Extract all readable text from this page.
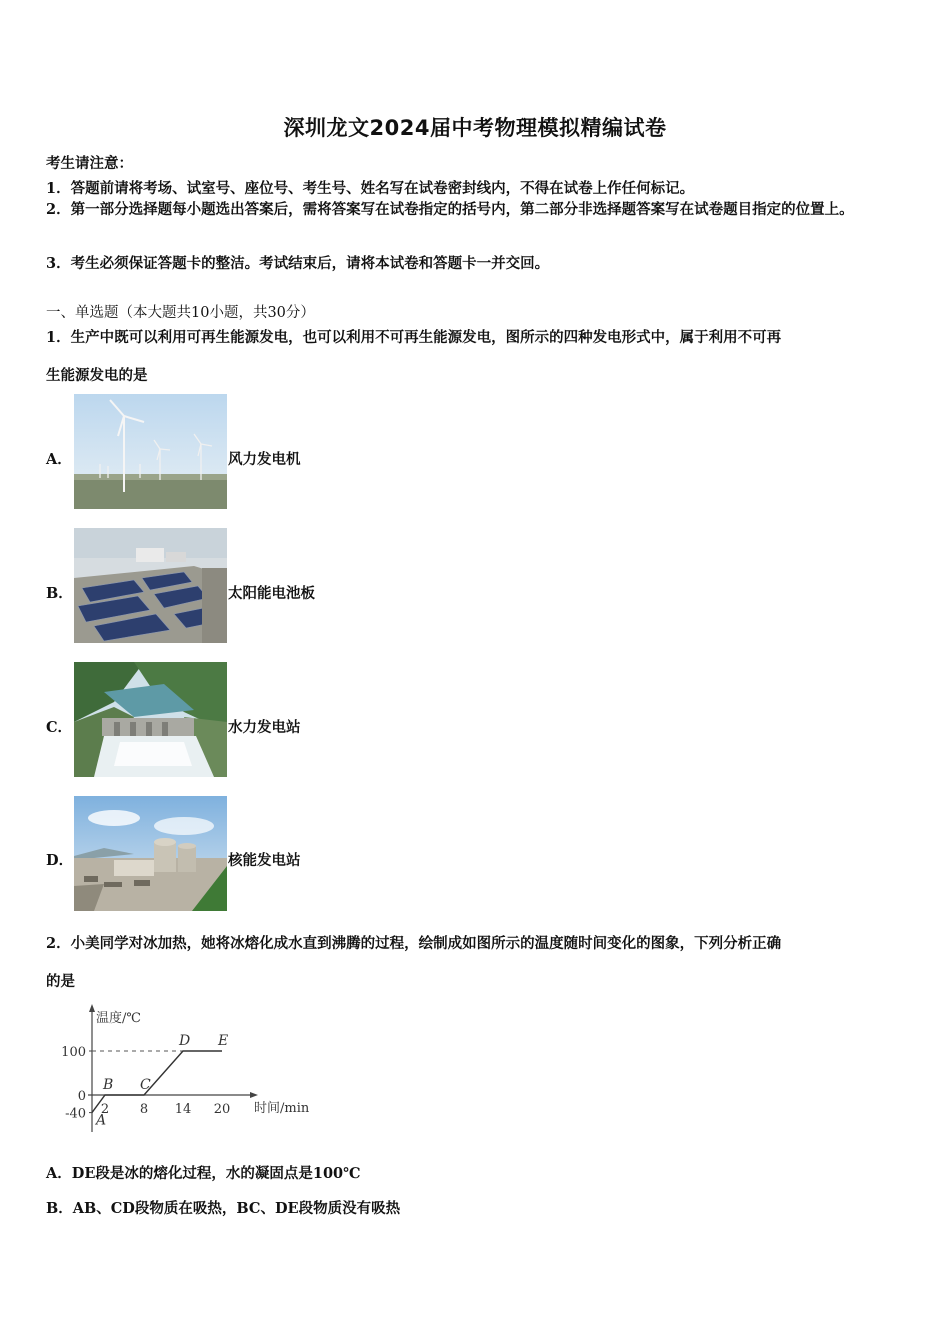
深圳龙文2024届中考物理模拟精编试卷
考生请注意：
1．答题前请将考场、试室号、座位号、考生号、姓名写在试卷密封线内，不得在试卷上作任何标记。
2．第一部分选择题每小题选出答案后，需将答案写在试卷指定的括号内，第二部分非选择题答案写在试卷题目指定的位置上。
3．考生必须保证答题卡的整洁。考试结束后，请将本试卷和答题卡一并交回。
一、单选题（本大题共10小题，共30分）
1．生产中既可以利用可再生能源发电，也可以利用不可再生能源发电，图所示的四种发电形式中，属于利用不可再
生能源发电的是
A．	风力发电机
B．	太阳能电池板
C．	水力发电站
D．	核能发电站
2．小美同学对冰加热，她将冰熔化成水直到沸腾的过程，绘制成如图所示的温度随时间变化的图象，下列分析正确
的是
温度/℃
时间/min
100
0
-40 2 8 14 20
A
B C
D E
A．DE段是冰的熔化过程，水的凝固点是100℃
B．AB、CD段物质在吸热，BC、DE段物质没有吸热
